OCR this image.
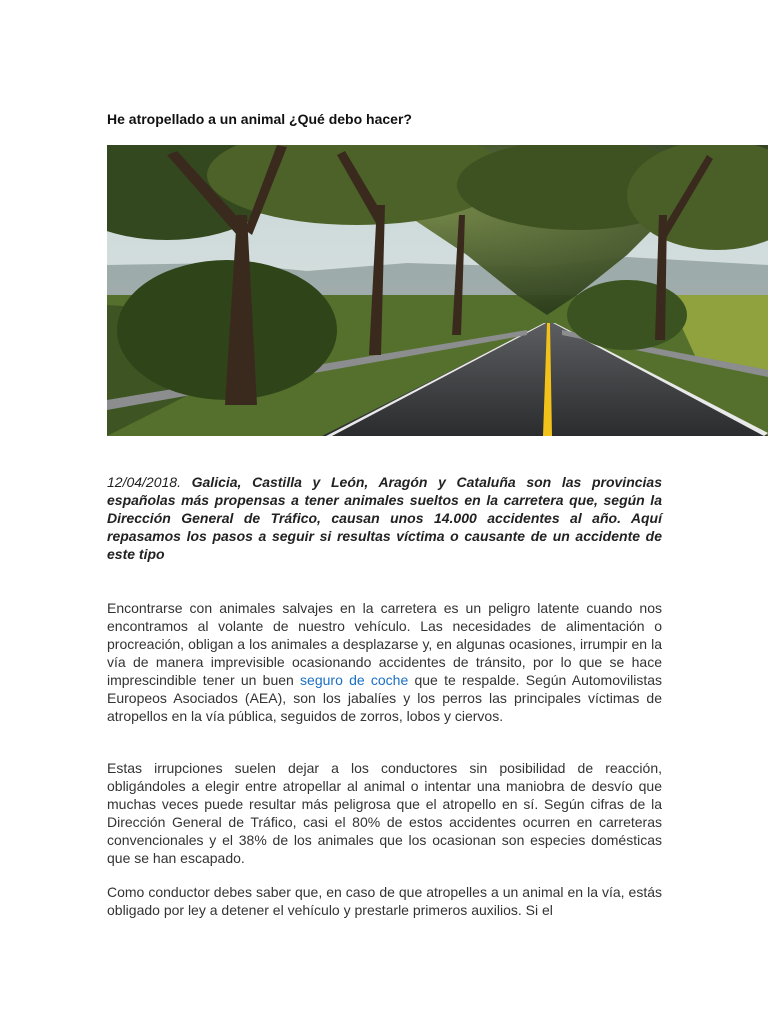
He atropellado a un animal ¿Qué debo hacer?
12/04/2018. Galicia, Castilla y León, Aragón y Cataluña son las provincias españolas más propensas a tener animales sueltos en la carretera que, según la Dirección General de Tráfico, causan unos 14.000 accidentes al año. Aquí repasamos los pasos a seguir si resultas víctima o causante de un accidente de este tipo
Encontrarse con animales salvajes en la carretera es un peligro latente cuando nos encontramos al volante de nuestro vehículo. Las necesidades de alimentación o procreación, obligan a los animales a desplazarse y, en algunas ocasiones, irrumpir en la vía de manera imprevisible ocasionando accidentes de tránsito, por lo que se hace imprescindible tener un buen seguro de coche que te respalde. Según Automovilistas Europeos Asociados (AEA), son los jabalíes y los perros las principales víctimas de atropellos en la vía pública, seguidos de zorros, lobos y ciervos.
Estas irrupciones suelen dejar a los conductores sin posibilidad de reacción, obligándoles a elegir entre atropellar al animal o intentar una maniobra de desvío que muchas veces puede resultar más peligrosa que el atropello en sí. Según cifras de la Dirección General de Tráfico, casi el 80% de estos accidentes ocurren en carreteras convencionales y el 38% de los animales que los ocasionan son especies domésticas que se han escapado.
Como conductor debes saber que, en caso de que atropelles a un animal en la vía, estás obligado por ley a detener el vehículo y prestarle primeros auxilios. Si el
